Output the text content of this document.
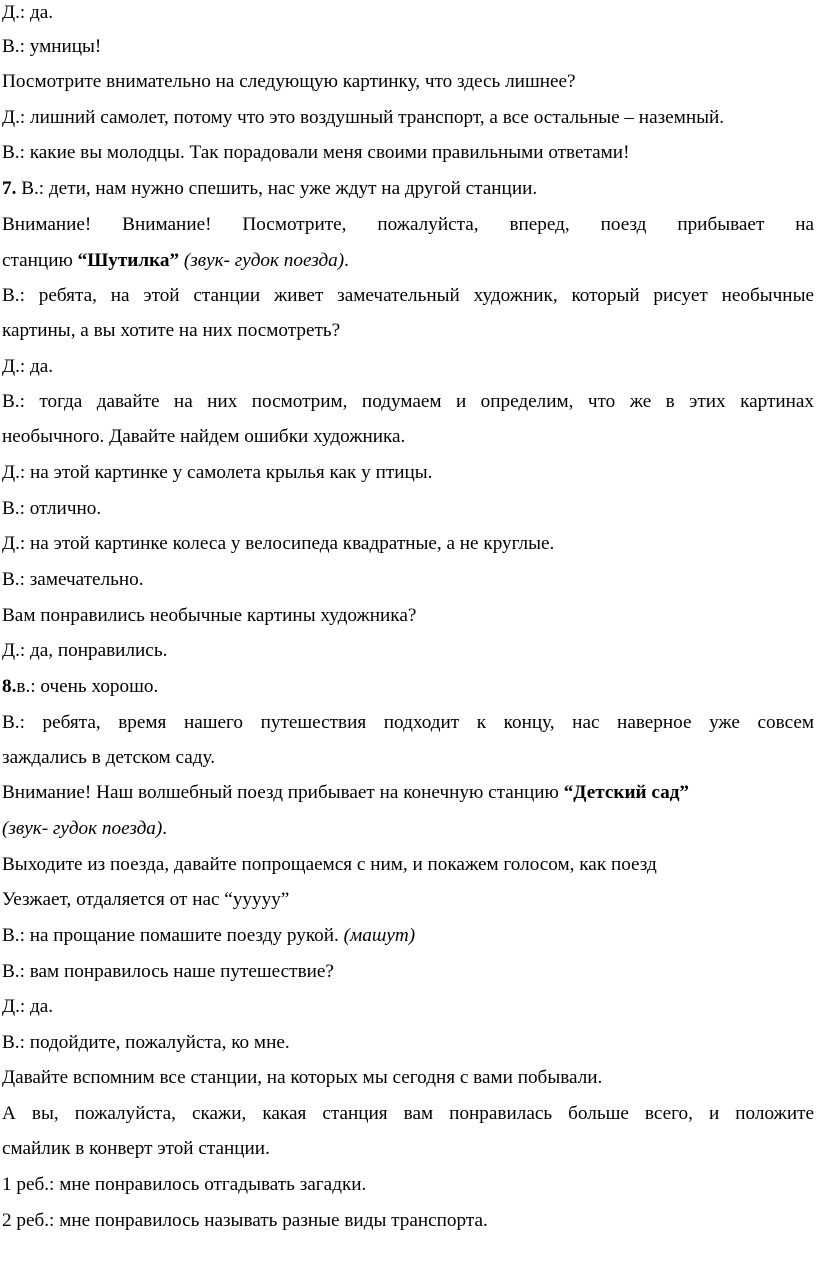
Д.: да.
В.: умницы!
Посмотрите внимательно на следующую картинку, что здесь лишнее?
Д.: лишний самолет, потому что это воздушный транспорт, а все остальные – наземный.
В.: какие вы молодцы. Так порадовали меня своими правильными ответами!
7. В.: дети, нам нужно спешить, нас уже ждут на другой станции.
Внимание! Внимание! Посмотрите, пожалуйста, вперед, поезд прибывает на
станцию “Шутилка” (звук- гудок поезда).
В.: ребята, на этой станции живет замечательный художник, который рисует необычные
картины, а вы хотите на них посмотреть?
Д.: да.
В.: тогда давайте на них посмотрим, подумаем и определим, что же в этих картинах
необычного. Давайте найдем ошибки художника.
Д.: на этой картинке у самолета крылья как у птицы.
В.: отлично.
Д.: на этой картинке колеса у велосипеда квадратные, а не круглые.
В.: замечательно.
Вам понравились необычные картины художника?
Д.: да, понравились.
8.в.: очень хорошо.
В.: ребята, время нашего путешествия подходит к концу, нас наверное уже совсем
заждались в детском саду.
Внимание! Наш волшебный поезд прибывает на конечную станцию “Детский сад”
(звук- гудок поезда).
Выходите из поезда, давайте попрощаемся с ним, и покажем голосом, как поезд
Уезжает, отдаляется от нас “ууууу”
В.: на прощание помашите поезду рукой. (машут)
В.: вам понравилось наше путешествие?
Д.: да.
В.: подойдите, пожалуйста, ко мне.
Давайте вспомним все станции, на которых мы сегодня с вами побывали.
А вы, пожалуйста, скажи, какая станция вам понравилась больше всего, и положите
смайлик в конверт этой станции.
1 реб.: мне понравилось отгадывать загадки.
2 реб.: мне понравилось называть разные виды транспорта.
